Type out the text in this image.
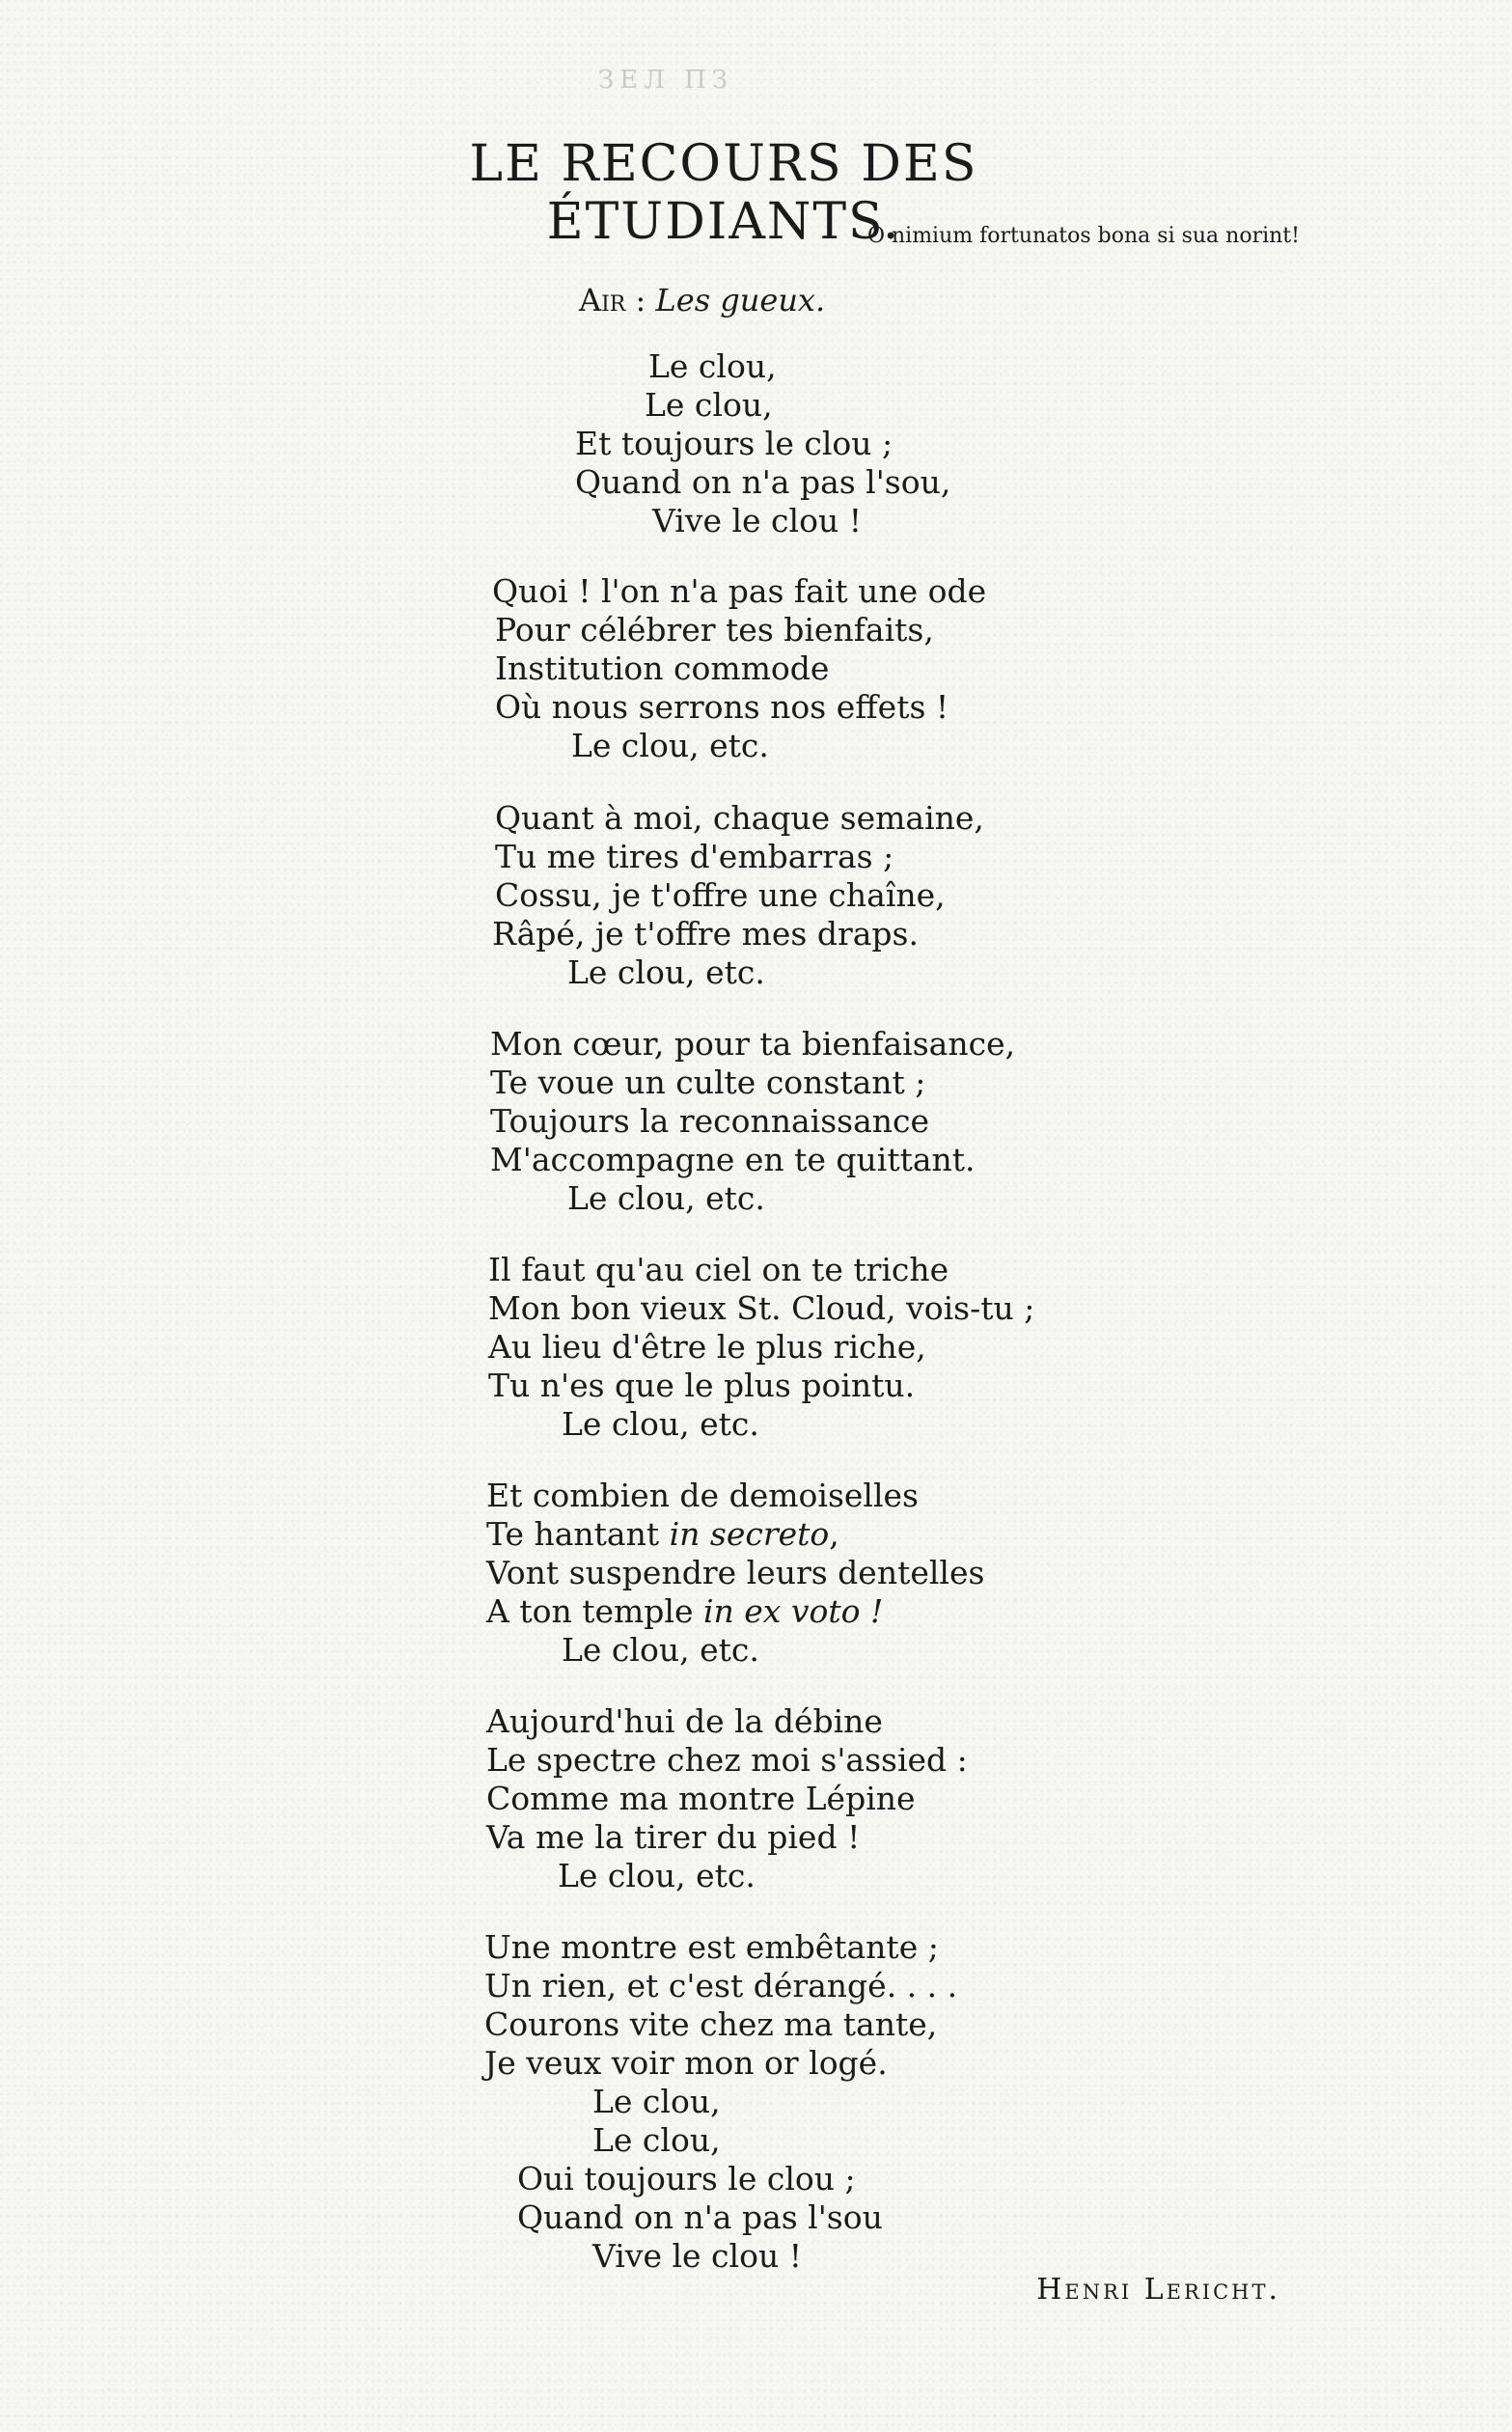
ЗЕЛ ПЗ
LE RECOURS DES ÉTUDIANTS.
O nimium fortunatos bona si sua norint!
Air : Les gueux.
Le clou,
Le clou,
Et toujours le clou ;
Quand on n'a pas l'sou,
Vive le clou !
Quoi ! l'on n'a pas fait une ode
Pour célébrer tes bienfaits,
Institution commode
Où nous serrons nos effets !
Le clou, etc.
Quant à moi, chaque semaine,
Tu me tires d'embarras ;
Cossu, je t'offre une chaîne,
Râpé, je t'offre mes draps.
Le clou, etc.
Mon cœur, pour ta bienfaisance,
Te voue un culte constant ;
Toujours la reconnaissance
M'accompagne en te quittant.
Le clou, etc.
Il faut qu'au ciel on te triche
Mon bon vieux St. Cloud, vois-tu ;
Au lieu d'être le plus riche,
Tu n'es que le plus pointu.
Le clou, etc.
Et combien de demoiselles
Te hantant in secreto,
Vont suspendre leurs dentelles
A ton temple in ex voto !
Le clou, etc.
Aujourd'hui de la débine
Le spectre chez moi s'assied :
Comme ma montre Lépine
Va me la tirer du pied !
Le clou, etc.
Une montre est embêtante ;
Un rien, et c'est dérangé. . . .
Courons vite chez ma tante,
Je veux voir mon or logé.
Le clou,
Le clou,
Oui toujours le clou ;
Quand on n'a pas l'sou
Vive le clou !
Henri Lericht.
